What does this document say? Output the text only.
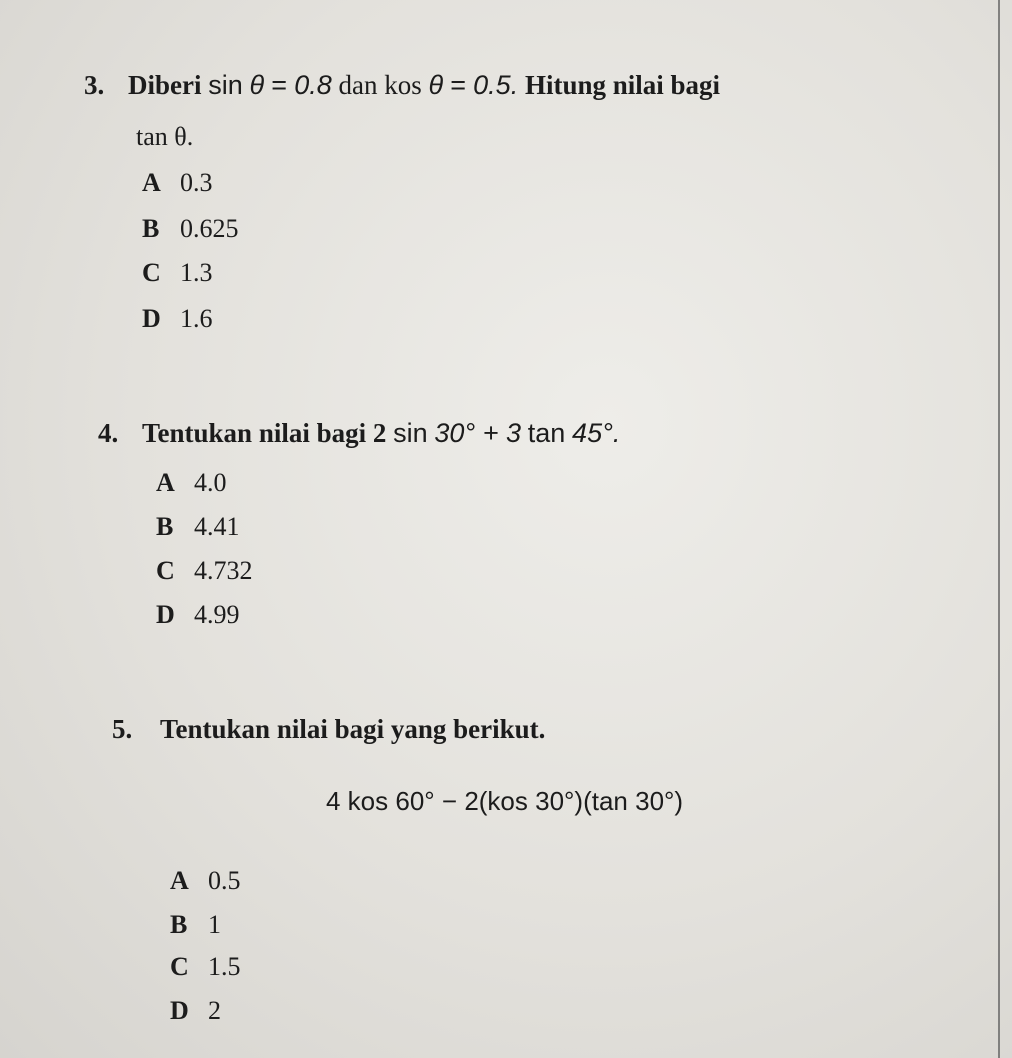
3. Diberi sin θ = 0.8 dan kos θ = 0.5. Hitung nilai bagi
tan θ.
A 0.3
B 0.625
C 1.3
D 1.6
4. Tentukan nilai bagi 2 sin 30° + 3 tan 45°.
A 4.0
B 4.41
C 4.732
D 4.99
5. Tentukan nilai bagi yang berikut.
4 kos 60° − 2(kos 30°)(tan 30°)
A 0.5
B 1
C 1.5
D 2
